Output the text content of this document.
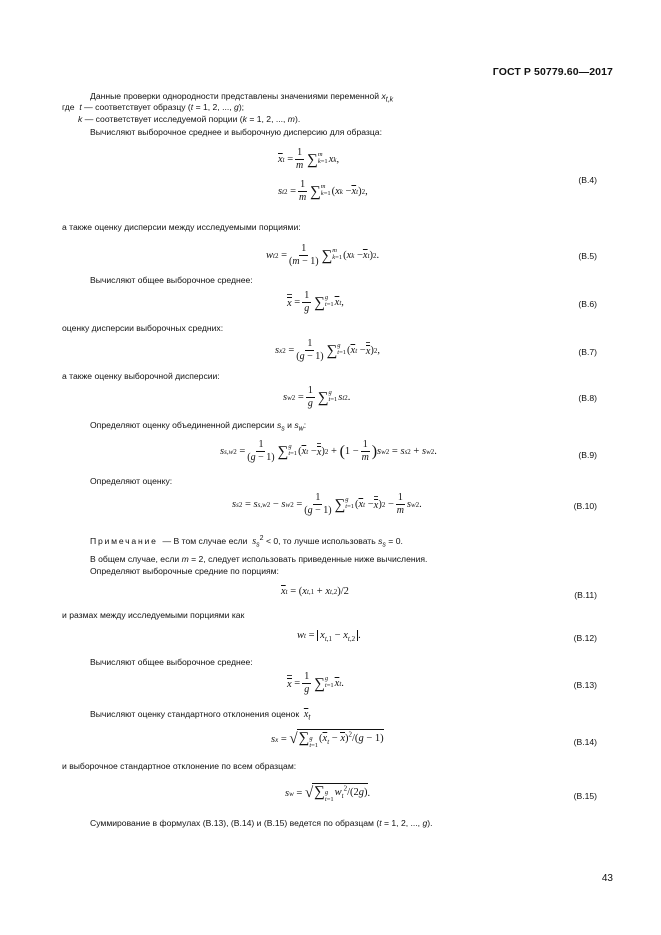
ГОСТ Р 50779.60—2017
Данные проверки однородности представлены значениями переменной $x_{t,k}$
где t — соответствует образцу (t = 1, 2, ..., g);
k — соответствует исследуемой порции (k = 1, 2, ..., m).
Вычисляют выборочное среднее и выборочную дисперсию для образца:
$\overline{x}$ $t = \frac{1}{m}$ ∑ m
k=1 x k ,
s t $2 = \frac{1}{m}$ ∑ m
k=1 ( x $k - \overline{x}$ t ) 2 ,
(В.4)
а также оценку дисперсии между исследуемыми порциями:
w t $2 = \frac{1}{(m - 1)}$ ∑ m
k=1 ( x $k - \overline{x}$ t ) 2 .	(В.5)
Вычисляют общее выборочное среднее:
$x = \frac{1}{g}$ ∑ g
t=1 $\overline{x}$ t ,	(В.6)
оценку дисперсии выборочных средних:
s x $2 = \frac{1}{(g - 1)}$ ∑ g
t=1 ( $\overline{x}$ t − x ) 2 ,	(В.7)
а также оценку выборочной дисперсии:
s w $2 = \frac{1}{g}$ ∑ g
t=1 s t 2 .	(В.8)
Определяют оценку объединенной дисперсии $s_s$ и $s_w$:
s s,w $2 = \frac{1}{(g - 1)}$ ∑ g
t=1 ( $\overline{x}$ t − x ) 2 + ( $1 - \frac{1}{m}$ ) s w 2 = s s 2 + s w 2 .	(В.9)
Определяют оценку:
s s 2 = s s,w 2 − s w $2 = \frac{1}{(g - 1)}$ ∑ g
t=1 ( $\overline{x}$ t − x ) $2 - \frac{1}{m}$ s w 2 .	(В.10)
Примечание — В том случае если $s_s^2 < 0$, то лучше использовать $s_s = 0$.
В общем случае, если m = 2, следует использовать приведенные ниже вычисления.
Определяют выборочные средние по порциям:
$\overline{x}$ t = ( x t,1 + x t,2 )/2	(В.11)
и размах между исследуемыми порциями как
w $t = x_{t,1} - x_{t,2}$ .	(В.12)
Вычисляют общее выборочное среднее:
$x = \frac{1}{g}$ ∑ g
t=1 $\overline{x}$ t .	(В.13)
Вычисляют оценку стандартного отклонения оценок $\overline{x}_t$
s x = √ ∑ g
t=1
$(\overline{x}_t - x)^2/(g - 1)$	(В.14)
и выборочное стандартное отклонение по всем образцам:
s w = √ ∑ g
t=1
$w_t^2/(2g)$ .	(В.15)
Суммирование в формулах (В.13), (В.14) и (В.15) ведется по образцам (t = 1, 2, ..., g).
43
